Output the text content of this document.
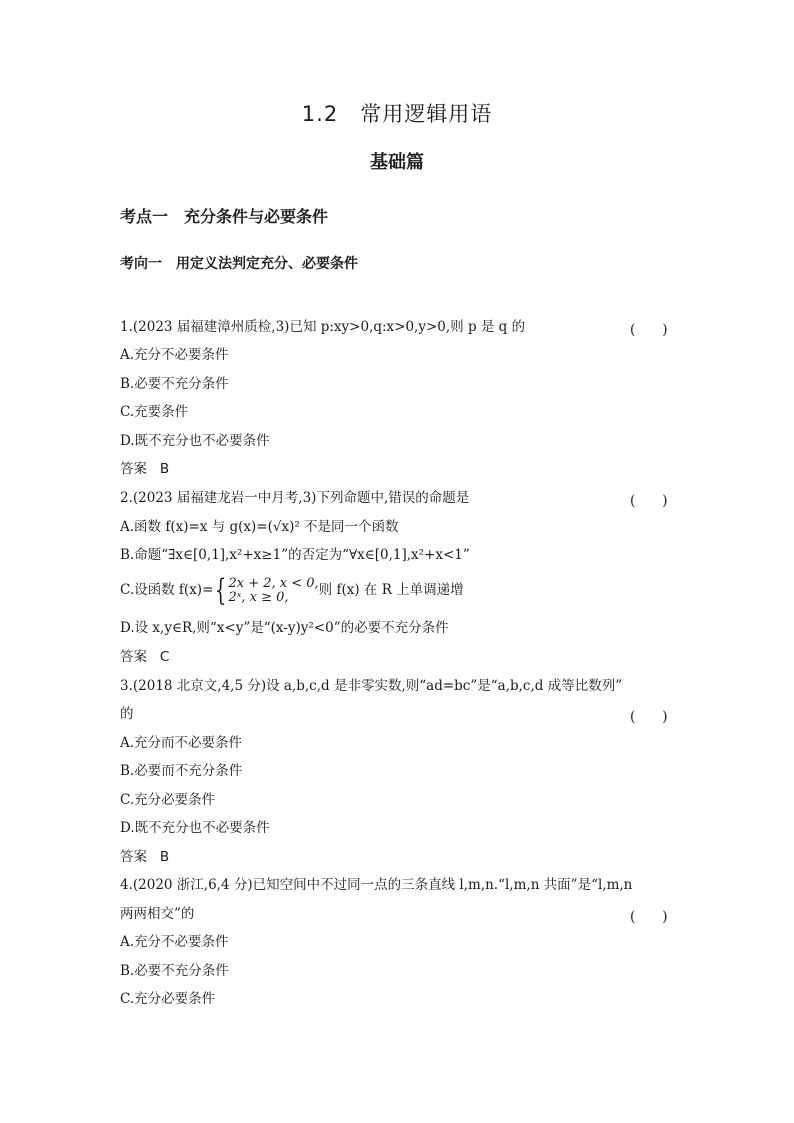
1.2　常用逻辑用语
基础篇
考点一　充分条件与必要条件
考向一　用定义法判定充分、必要条件
1.(2023 届福建漳州质检,3)已知 p:xy>0,q:x>0,y>0,则 p 是 q 的	(　　)
A.充分不必要条件
B.必要不充分条件
C.充要条件
D.既不充分也不必要条件
答案 B
2.(2023 届福建龙岩一中月考,3)下列命题中,错误的命题是	(　　)
A.函数 f(x)=x 与 g(x)=(√x)² 不是同一个函数
B.命题“∃x∈[0,1],x²+x≥1”的否定为“∀x∈[0,1],x²+x<1”
C.设函数 f(x)={ 2x + 2, x < 0,
2ˣ, x ≥ 0, 则 f(x) 在 R 上单调递增
D.设 x,y∈R,则“x<y”是“(x-y)y²<0”的必要不充分条件
答案 C
3.(2018 北京文,4,5 分)设 a,b,c,d 是非零实数,则“ad=bc”是“a,b,c,d 成等比数列”
的	(　　)
A.充分而不必要条件
B.必要而不充分条件
C.充分必要条件
D.既不充分也不必要条件
答案 B
4.(2020 浙江,6,4 分)已知空间中不过同一点的三条直线 l,m,n.“l,m,n 共面”是“l,m,n
两两相交”的	(　　)
A.充分不必要条件
B.必要不充分条件
C.充分必要条件
